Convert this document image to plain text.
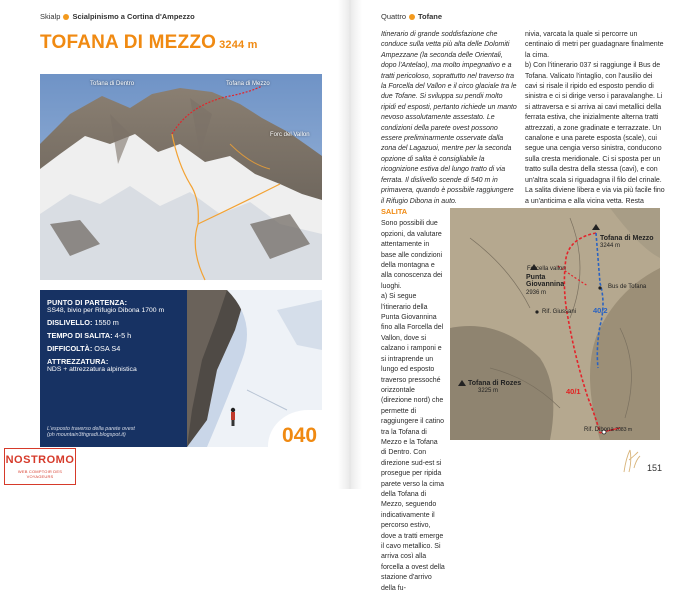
Skialp Scialpinismo a Cortina d'Ampezzo
TOFANA DI MEZZO 3244 m
Tofana di Dentro	Tofana di Mezzo
Forc del Vallon
PUNTO DI PARTENZA:
SS48, bivio per Rifugio Dibona 1700 m
DISLIVELLO: 1550 m
TEMPO DI SALITA: 4-5 h
DIFFICOLTÀ: OSA S4
ATTREZZATURA:
NDS + attrezzatura alpinistica
L'esposto traverso della parete ovest
(ph mountain3thgradi.blogspot.it)	040
NOSTROMO
WEB COMPTOIR DES VOYAGEURS
Quattro Tofane

Itinerario di grande soddisfazione che conduce sulla vetta più alta delle Dolomiti Ampezzane (la seconda delle Orientali, dopo l'Antelao), ma molto impegnativo e a tratti pericoloso, soprattutto nel traverso tra la Forcella del Vallon e il circo glaciale tra le due Tofane. Si sviluppa su pendii molto ripidi ed esposti, pertanto richiede un manto nevoso assolutamente assestato. Le condizioni della parete ovest possono essere preliminarmente osservate dalla zona del Lagazuoi, mentre per la seconda opzione di salita è consigliabile la ricognizione estiva del lungo tratto di via ferrata. Il dislivello scende di 540 m in primavera, quando è possibile raggiungere il Rifugio Dibona in auto.

nivia, varcata la quale si percorre un centinaio di metri per guadagnare finalmente la cima.

b) Con l'itinerario 037 si raggiunge il Bus de Tofana. Valicato l'intaglio, con l'ausilio dei cavi si risale il ripido ed esposto pendio di sinistra e ci si dirige verso i paravalanghe. Li si attraversa e si arriva ai cavi metallici della ferrata estiva, che inizialmente alterna tratti attrezzati, a zone gradinate e terrazzate. Un canalone e una parete esposta (scale), cui segue una cengia verso sinistra, conducono sulla cresta meridionale. Ci si sposta per un tratto sulla destra della stessa (cavi), e con un'altra scala si riguadagna il filo del crinale. La salita diviene libera e via via più facile fino a un'anticima e alla vicina vetta. Resta

SALITA

Sono possibili due opzioni, da valutare attentamente in base alle condizioni della montagna e alla conoscenza dei luoghi.

a) Si segue l'itinerario della Punta Giovannina fino alla Forcella del Vallon, dove si calzano i ramponi e si intraprende un lungo ed esposto traverso pressoché orizzontale (direzione nord) che permette di raggiungere il catino tra la Tofana di Mezzo e la Tofana di Dentro. Con direzione sud-est si prosegue per ripida parete verso la cima della Tofana di Mezzo, seguendo indicativamente il percorso estivo, dove a tratti emerge il cavo metallico. Si arriva così alla forcella a ovest della stazione d'arrivo della fu-

Tofana di Mezzo
3244 m
Forcella vallon
Punta Giovannina
2936 m
Bus de Tofana
40/2
Rif. Giussani
Tofana di Rozes
3225 m	40/1
Rif. Dibona 2083 m
151
